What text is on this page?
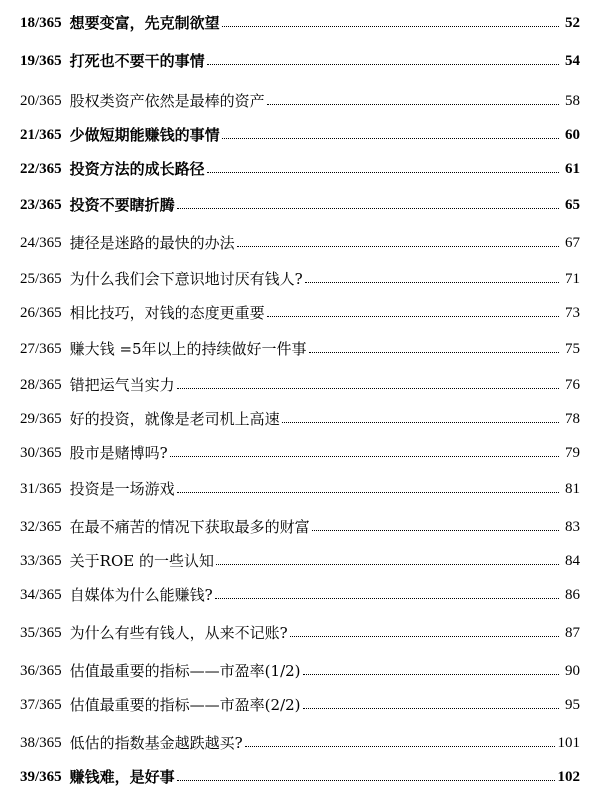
18/365 想要变富，先克制欲望	52
19/365 打死也不要干的事情	54
20/365 股权类资产依然是最棒的资产	58
21/365 少做短期能赚钱的事情	60
22/365 投资方法的成长路径	61
23/365 投资不要瞎折腾	65
24/365 捷径是迷路的最快的办法	67
25/365 为什么我们会下意识地讨厌有钱人?	71
26/365 相比技巧，对钱的态度更重要	73
27/365 赚大钱 =5年以上的持续做好一件事	75
28/365 错把运气当实力	76
29/365 好的投资，就像是老司机上高速	78
30/365 股市是赌博吗?	79
31/365 投资是一场游戏	81
32/365 在最不痛苦的情况下获取最多的财富	83
33/365 关于ROE 的一些认知	84
34/365 自媒体为什么能赚钱?	86
35/365 为什么有些有钱人，从来不记账?	87
36/365 估值最重要的指标——市盈率(1/2)	90
37/365 估值最重要的指标——市盈率(2/2)	95
38/365 低估的指数基金越跌越买?	101
39/365 赚钱难，是好事	102
